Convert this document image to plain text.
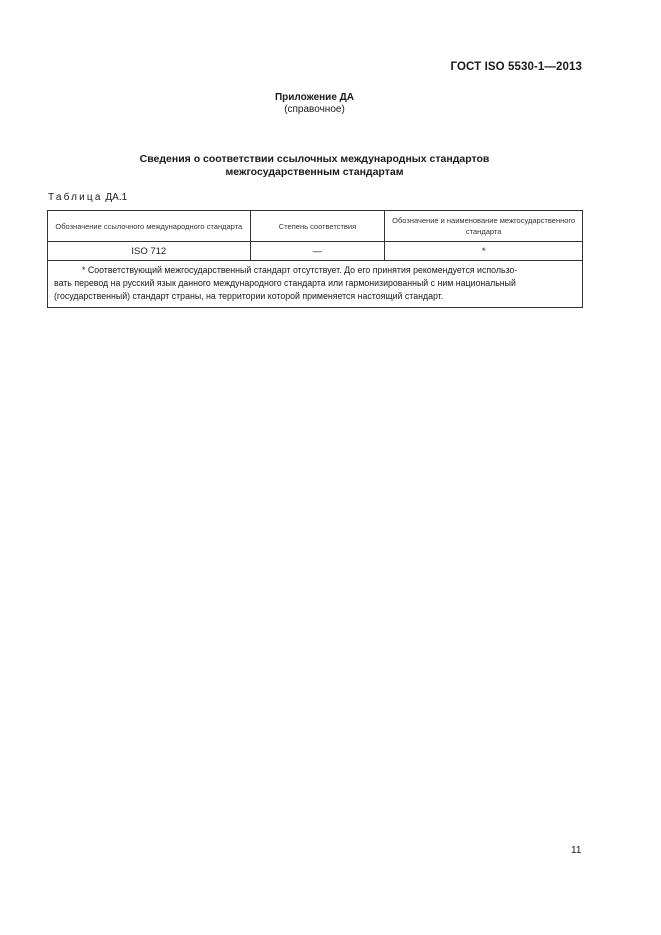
ГОСТ ISO 5530-1—2013
Приложение ДА
(справочное)
Сведения о соответствии ссылочных международных стандартов
межгосударственным стандартам
Таблица ДА.1
Обозначение ссылочного международного стандарта	Степень соответствия	Обозначение и наименование межгосударственного стандарта
ISO 712	—	*

* Соответствующий межгосударственный стандарт отсутствует. До его принятия рекомендуется использо-
вать перевод на русский язык данного международного стандарта или гармонизированный с ним национальный
(государственный) стандарт страны, на территории которой применяется настоящий стандарт.		
11
